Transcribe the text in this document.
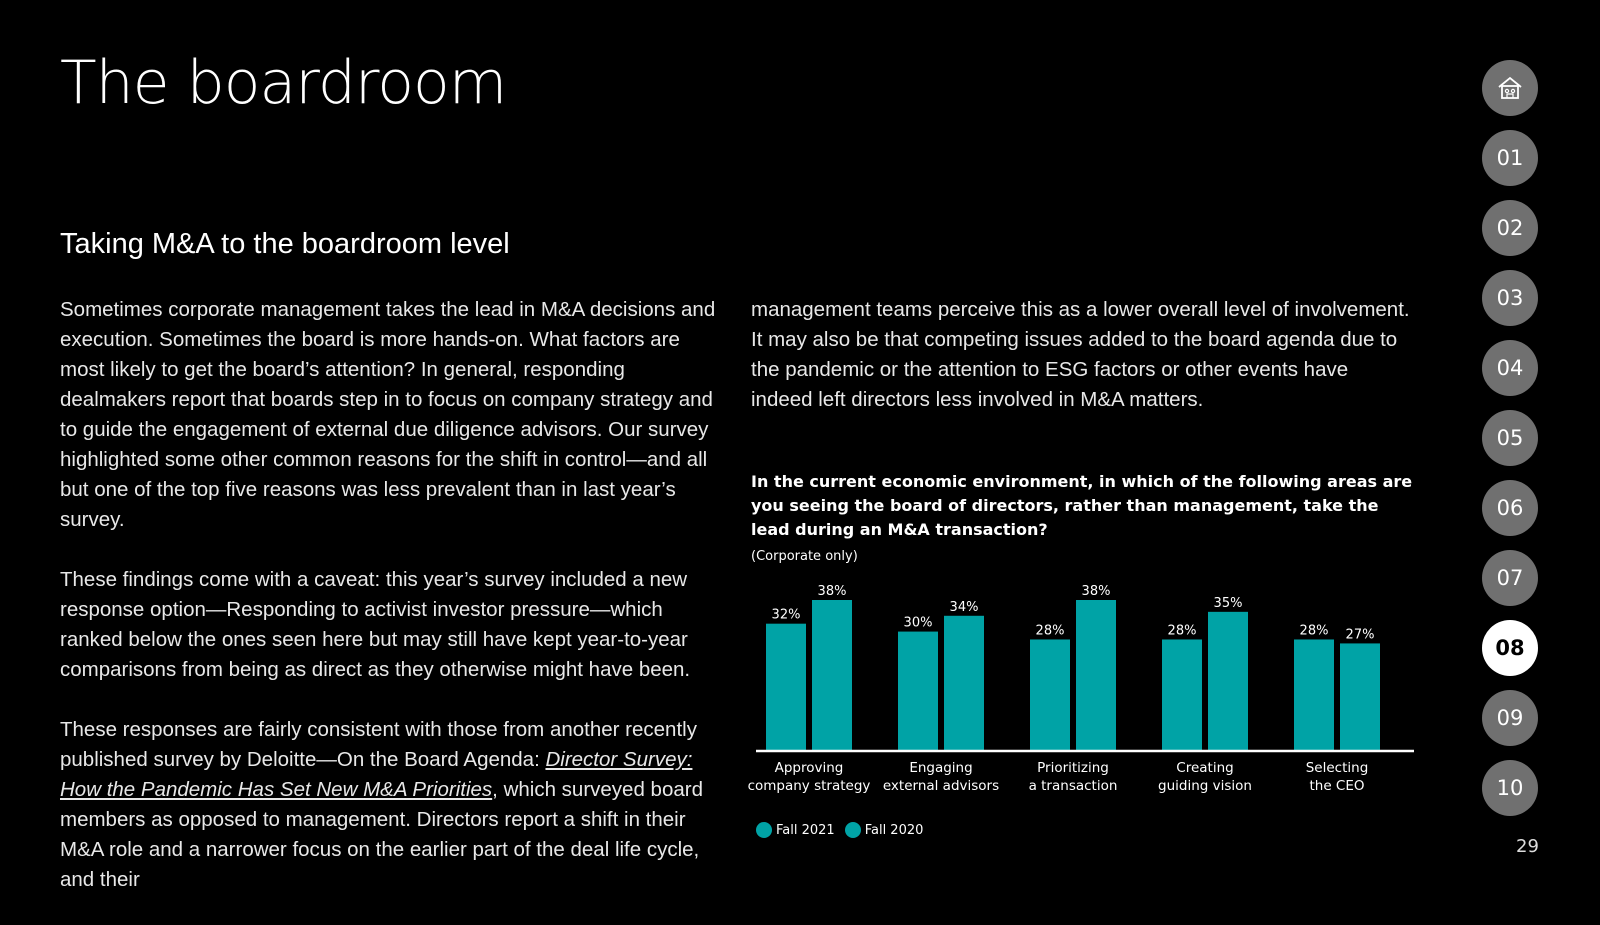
The boardroom
Taking M&A to the boardroom level

Sometimes corporate management takes the lead in M&A decisions and execution. Sometimes the board is more hands-on. What factors are most likely to get the board’s attention? In general, responding dealmakers report that boards step in to focus on company strategy and to guide the engagement of external due diligence advisors. Our survey highlighted some other common reasons for the shift in control—and all but one of the top five reasons was less prevalent than in last year’s survey.

These findings come with a caveat: this year’s survey included a new response option—Responding to activist investor pressure—which ranked below the ones seen here but may still have kept year-to-year comparisons from being as direct as they otherwise might have been.

These responses are fairly consistent with those from another recently published survey by Deloitte—On the Board Agenda: Director Survey: How the Pandemic Has Set New M&A Priorities, which surveyed board members as opposed to management. Directors report a shift in their M&A role and a narrower focus on the earlier part of the deal life cycle, and their

management teams perceive this as a lower overall level of involvement. It may also be that competing issues added to the board agenda due to the pandemic or the attention to ESG factors or other events have indeed left directors less involved in M&A matters.

In the current economic environment, in which of the following areas are you seeing the board of directors, rather than management, take the lead during an M&A transaction?

(Corporate only)
32%
38%
Approving
company strategy
30%
34%
Engaging
external advisors
28%
38%
Prioritizing
a transaction
28%
35%
Creating
guiding vision
28% 27%
Selecting
the CEO
Fall 2021 Fall 2020
01
02
03
04
05
06
07
08
09
10
29
